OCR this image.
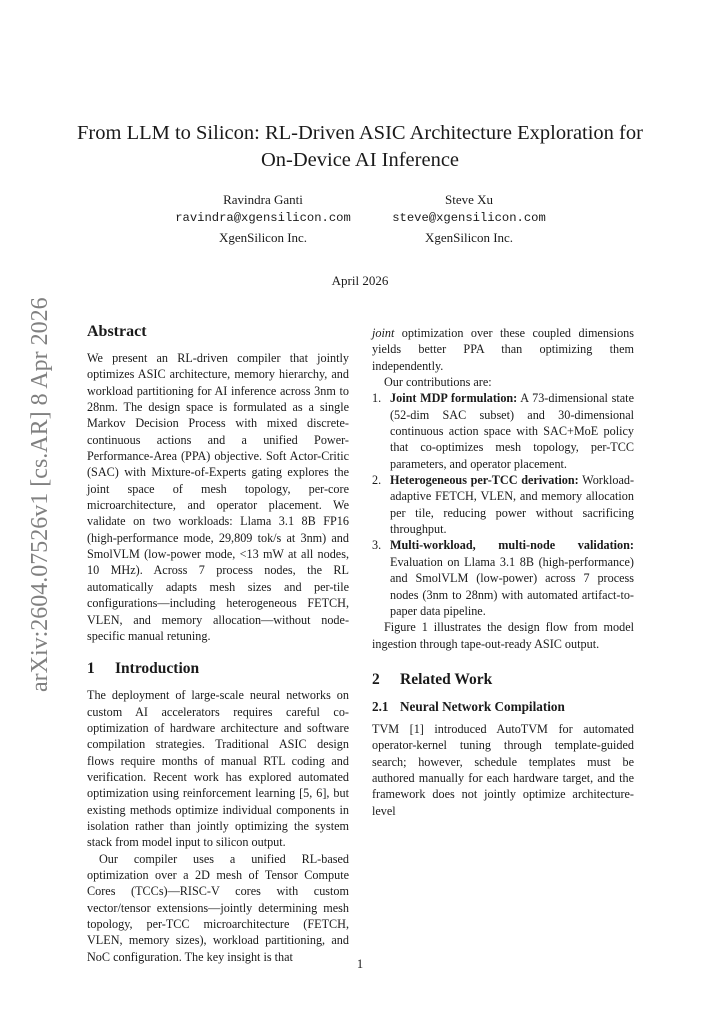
arXiv:2604.07526v1 [cs.AR] 8 Apr 2026
From LLM to Silicon: RL-Driven ASIC Architecture Exploration for On-Device AI Inference
Ravindra Ganti
ravindra@xgensilicon.com
XgenSilicon Inc.
Steve Xu
steve@xgensilicon.com
XgenSilicon Inc.
April 2026
Abstract

We present an RL-driven compiler that jointly optimizes ASIC architecture, memory hierarchy, and workload partitioning for AI inference across 3nm to 28nm. The design space is formulated as a single Markov Decision Process with mixed discrete-continuous actions and a unified Power-Performance-Area (PPA) objective. Soft Actor-Critic (SAC) with Mixture-of-Experts gating explores the joint space of mesh topology, per-core microarchitecture, and operator placement. We validate on two workloads: Llama 3.1 8B FP16 (high-performance mode, 29,809 tok/s at 3nm) and SmolVLM (low-power mode, <13 mW at all nodes, 10 MHz). Across 7 process nodes, the RL automatically adapts mesh sizes and per-tile configurations—including heterogeneous FETCH, VLEN, and memory allocation—without node-specific manual retuning.

1 Introduction

The deployment of large-scale neural networks on custom AI accelerators requires careful co-optimization of hardware architecture and software compilation strategies. Traditional ASIC design flows require months of manual RTL coding and verification. Recent work has explored automated optimization using reinforcement learning [5, 6], but existing methods optimize individual components in isolation rather than jointly optimizing the system stack from model input to silicon output.

Our compiler uses a unified RL-based optimization over a 2D mesh of Tensor Compute Cores (TCCs)—RISC-V cores with custom vector/tensor extensions—jointly determining mesh topology, per-TCC microarchitecture (FETCH, VLEN, memory sizes), workload partitioning, and NoC configuration. The key insight is that

joint optimization over these coupled dimensions yields better PPA than optimizing them independently.

Our contributions are:

1. Joint MDP formulation: A 73-dimensional state (52-dim SAC subset) and 30-dimensional continuous action space with SAC+MoE policy that co-optimizes mesh topology, per-TCC parameters, and operator placement.
2. Heterogeneous per-TCC derivation: Workload-adaptive FETCH, VLEN, and memory allocation per tile, reducing power without sacrificing throughput.
3. Multi-workload, multi-node validation: Evaluation on Llama 3.1 8B (high-performance) and SmolVLM (low-power) across 7 process nodes (3nm to 28nm) with automated artifact-to-paper data pipeline.

Figure 1 illustrates the design flow from model ingestion through tape-out-ready ASIC output.

2 Related Work
2.1 Neural Network Compilation

TVM [1] introduced AutoTVM for automated operator-kernel tuning through template-guided search; however, schedule templates must be authored manually for each hardware target, and the framework does not jointly optimize architecture-level

1
